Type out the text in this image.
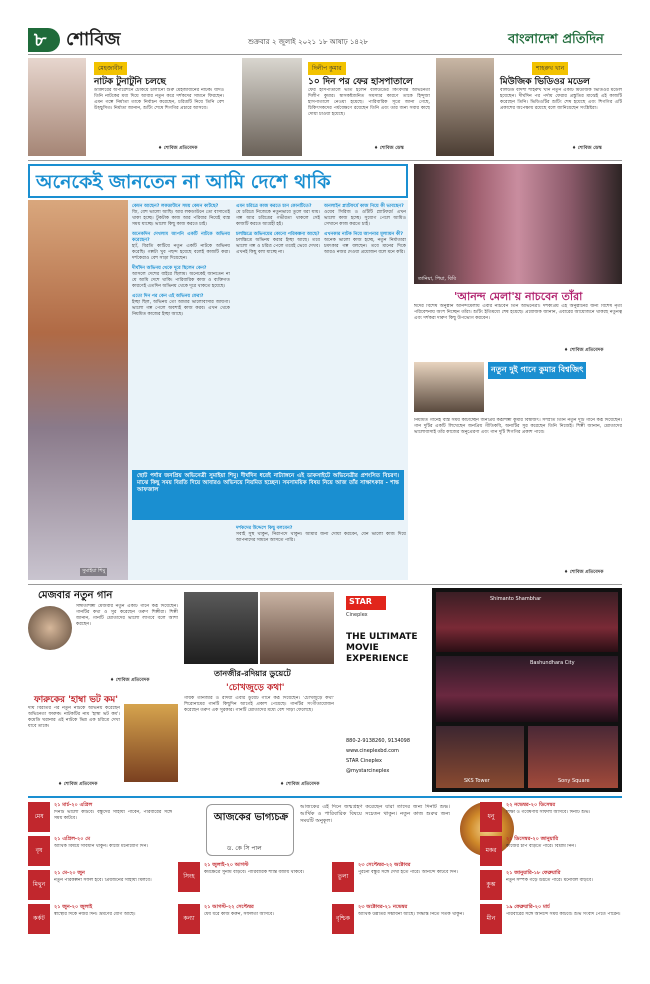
৮ শোবিজ	শুক্রবার ২ জুলাই ২০২১ ১৮ আষাঢ় ১৪২৮	বাংলাদেশ প্রতিদিন
মেহজাবীন
নাটক টুনাটুনি চলছে

ডাক্তারের অপারেশনে চেকিয়ে চালানো শুরু মেহজাবীনের নাটক। যদিও তিনি নাটকের মধ্য দিয়ে আবার নতুন করে দর্শকদের সামনে ফিরছেন। এমন গল্পে নির্মাতা তাকে নির্বাচন করেছেন, চরিত্রটি নিয়ে তিনি বেশ উচ্ছ্বসিত। নির্মাতা জানান, শুটিং শেষে শিগগির প্রচারে আসবে।

♦ শোবিজ প্রতিবেদক
দিলীপ কুমার
১০ দিন পর ফের হাসপাতালে

ফের হাসপাতালে ভর্তি হলেন বলিউডের কিংবদন্তি অভিনেতা দিলীপ কুমার। শ্বাসকষ্টজনিত সমস্যার কারণে তাকে হিন্দুজা হাসপাতালে নেওয়া হয়েছে। পারিবারিক সূত্রে জানা গেছে, চিকিৎসকদের পর্যবেক্ষণে রয়েছেন তিনি এবং তার জন্য সবার কাছে দোয়া চাওয়া হয়েছে।

♦ শোবিজ ডেস্ক
শাহরুখ খান
মিউজিক ভিডিওর মডেল

বলিউড বাদশা শাহরুখ খান নতুন একটি মিউজিক ভিডিওর মডেল হয়েছেন। দীর্ঘদিন পর পর্দায় ফেরার প্রস্তুতির মাঝেই এই কাজটি করেছেন তিনি। ভিডিওটির শুটিং শেষ হয়েছে এবং শিগগির এটি প্রকাশের অপেক্ষায় রয়েছে বলে জানিয়েছেন সংশ্লিষ্টরা।

♦ শোবিজ ডেস্ক
অনেকেই জানতেন না আমি দেশে থাকি
সুমাইয়া শিমু

কেমন আছেন? লকডাউনে সময় কেমন কাটছে?

জি, বেশ ভালো আছি। আর লকডাউনে তো বাসাতেই থাকা হচ্ছে। টুকটাক কাজ আর পরিবার নিয়েই ব্যস্ত সময় যাচ্ছে। ভালো কিছু কাজ করতে চাই।

অনেকদিন দেখলাম আপনি একটি নাটকে অভিনয় করেছেন?

হ্যাঁ, বিরতি কাটিয়ে নতুন একটি নাটকে অভিনয় করেছি। গল্পটা খুব পছন্দ হয়েছে বলেই কাজটি করা। দর্শকেরাও বেশ সাড়া দিয়েছেন।

দীর্ঘদিন অভিনয় থেকে দূরে ছিলেন কেন?

আসলে দেশের বাইরে ছিলাম। অনেকেই জানতেন না যে আমি দেশে থাকি। পারিবারিক কাজ ও ব্যক্তিগত কারণেই এতদিন অভিনয় থেকে দূরে থাকতে হয়েছে।

এতো দিন পর কেন এই অভিনয় ফেরা?

ইচ্ছা ছিল, অভিনয় তো আমার ভালোবাসার জায়গা। ভালো গল্প পেলে অবশ্যই কাজ করব। এখন থেকে নিয়মিত কাজের ইচ্ছা আছে।

এমন চরিত্রে কাজ করতে চান কোনটিতে?

যে চরিত্রে নিজেকে নতুনভাবে তুলে ধরা যায়। গল্প আর চরিত্রের গভীরতা থাকলে সেই কাজটি করতে আগ্রহী হই।

চলচ্চিত্রে অভিনয়ের কোনো পরিকল্পনা আছে?

চলচ্চিত্রে অভিনয় করার ইচ্ছা আছে। তবে ভালো গল্প ও চরিত্র পেলে তবেই ভেবে দেখব। এখনই কিছু বলা যাচ্ছে না।

অনলাইন প্ল্যাটফর্মে কাজ নিয়ে কী ভাবছেন?

ওয়েব সিরিজ ও ওটিটি প্ল্যাটফর্মে এখন ভালো কাজ হচ্ছে। সুযোগ পেলে আমিও সেখানে কাজ করতে চাই।

এখনকার নাটক নিয়ে আপনার মূল্যায়ন কী?

অনেক ভালো কাজ হচ্ছে, নতুন নির্মাতারা চমৎকার গল্প বলছেন। তবে মানের দিকে আরও নজর দেওয়া প্রয়োজন বলে মনে করি।

ছোট পর্দার জনপ্রিয় অভিনেত্রী সুমাইয়া শিমু। দীর্ঘদিন ধরেই নাট্যাঙ্গনে এই ডাকসাইটে অভিনেত্রীর প্রশংসিত বিচরণ। মাঝে কিছু সময় বিরতি দিয়ে আবারও অভিনয়ে নিয়মিত হচ্ছেন। সমসাময়িক বিষয় নিয়ে আজ তাঁর সাক্ষাৎকার - শান্ত আফজাল

দর্শকদের উদ্দেশে কিছু বলবেন?

সবাই সুস্থ থাকুন, নিরাপদে থাকুন। আমার জন্য দোয়া করবেন, যেন ভালো কাজ দিয়ে আপনাদের সামনে আসতে পারি।

তানিয়া, পিয়া, বিবি
'আনন্দ মেলা'য় নাচবেন তাঁরা

ঈদের বিশেষ অনুষ্ঠান আনন্দমেলায় এবার নাচবেন তিন অভিনেত্রী। দর্শকপ্রিয় এই অনুষ্ঠানের জন্য বিশেষ নৃত্য পরিবেশনায় অংশ নিচ্ছেন তাঁরা। শুটিং ইতিমধ্যে শেষ হয়েছে। প্রযোজক জানান, এবারের আয়োজনে থাকছে নতুনত্ব এবং দর্শকরা দারুণ কিছু উপভোগ করবেন।

♦ শোবিজ প্রতিবেদক
নতুন দুই গানে কুমার বিশ্বজিৎ

নিয়মিত গানেই ব্যস্ত সময় কাটাচ্ছেন জনপ্রিয় কণ্ঠশিল্পী কুমার বিশ্বজিৎ। সম্প্রতি তিনি নতুন দুটি গানে কণ্ঠ দিয়েছেন। গান দুটির একটি লিখেছেন জনপ্রিয় গীতিকবি, অন্যটির সুর করেছেন তিনি নিজেই। শিল্পী জানান, শ্রোতাদের ভালোবাসাই তাঁর কাজের অনুপ্রেরণা এবং গান দুটি শিগগির প্রকাশ পাবে।

♦ শোবিজ প্রতিবেদক
মেজবার নতুন গান

সঙ্গীতশিল্পী মেজবার নতুন একটি গানে কণ্ঠ দিয়েছেন। গানটির কথা ও সুর করেছেন তরুণ শিল্পীরা। শিল্পী জানান, গানটি শ্রোতাদের ভালো লাগবে বলে আশা করছেন।

♦ শোবিজ প্রতিবেদক
ফারুকের 'হাম্বা ভট কম'

দীর্ঘ বিরতির পর নতুন নাটকে অভিনয় করেছেন অভিনেতা ফারুক। নাটকটির নাম 'হাম্বা ভট কম'। কমেডি ঘরানার এই নাটকে ভিন্ন এক চরিত্রে দেখা যাবে তাকে।

♦ শোবিজ প্রতিবেদক
তানজীর-রদিয়ার ডুয়েটে
'চোখজুড়ে কথা'

গায়ক তানজীর ও রদিয়া এবার ডুয়েট গানে কণ্ঠ দিয়েছেন। 'চোখজুড়ে কথা' শিরোনামের গানটি কিছুদিন আগেই প্রকাশ পেয়েছে। গানটির সংগীতায়োজন করেছেন তরুণ এক সুরকার। গানটি শ্রোতাদের মধ্যে বেশ সাড়া ফেলেছে।

♦ শোবিজ প্রতিবেদক
STAR
Cineplex

THE ULTIMATE MOVIE EXPERIENCE

880-2-9138260, 9134098
www.cineplexbd.com
STAR Cineplex
@mystarcineplex
Shimanto Shambhar
Bashundhara City
SKS Tower	Sony Square
আজকের ভাগ্যচক্র
ড. কে সি পাল

আজকের এই দিনে জন্মগ্রহণ করেছেন যারা তাদের জন্য দিনটি শুভ। আর্থিক ও পারিবারিক বিষয়ে সচেতন থাকুন। নতুন কাজ শুরুর জন্য সময়টি অনুকূল।

মেষ
২১ মার্চ-২০ এপ্রিল

দিনটি ভালো কাটবে। বন্ধুদের সাহায্য পাবেন, পরিবারের সঙ্গে সময় কাটবে।

বৃষ
২১ এপ্রিল-২০ মে

আর্থিক বিষয়ে সাবধান থাকুন। কাজে মনোযোগ দিন।

মিথুন
২১ মে-২০ জুন

নতুন পরিকল্পনা সফল হবে। প্রিয়জনের সাহায্য মিলবে।

কর্কট
২১ জুন-২০ জুলাই

স্বাস্থ্যের দিকে নজর দিন। ভ্রমণের যোগ আছে।

সিংহ
২১ জুলাই-২০ আগস্ট

কর্মক্ষেত্রে সুনাম বাড়বে। পারিবারিক শান্তি বজায় থাকবে।

কন্যা
২১ আগস্ট-২২ সেপ্টেম্বর

ধৈর্য ধরে কাজ করুন, সফলতা আসবে।

তুলা
২৩ সেপ্টেম্বর-২২ অক্টোবর

পুরনো বন্ধুর সঙ্গে দেখা হতে পারে। আনন্দে কাটবে দিন।

বৃশ্চিক
২৩ অক্টোবর-২১ নভেম্বর

আর্থিক উন্নতির সম্ভাবনা আছে। সিদ্ধান্ত নিতে সতর্ক থাকুন।

ধনু
২২ নভেম্বর-২০ ডিসেম্বর

শিক্ষা ও গবেষণায় সাফল্য আসবে। দিনটি শুভ।

মকর
২১ ডিসেম্বর-২০ জানুয়ারি

কাজের চাপ বাড়তে পারে। বিশ্রাম নিন।

কুম্ভ
২১ জানুয়ারি-১৮ ফেব্রুয়ারি

নতুন সম্পর্ক গড়ে উঠতে পারে। মনোবল বাড়বে।

মীন
১৯ ফেব্রুয়ারি-২০ মার্চ

পরিবারের সঙ্গে আনন্দে সময় কাটবে। শুভ সংবাদ পেতে পারেন।
